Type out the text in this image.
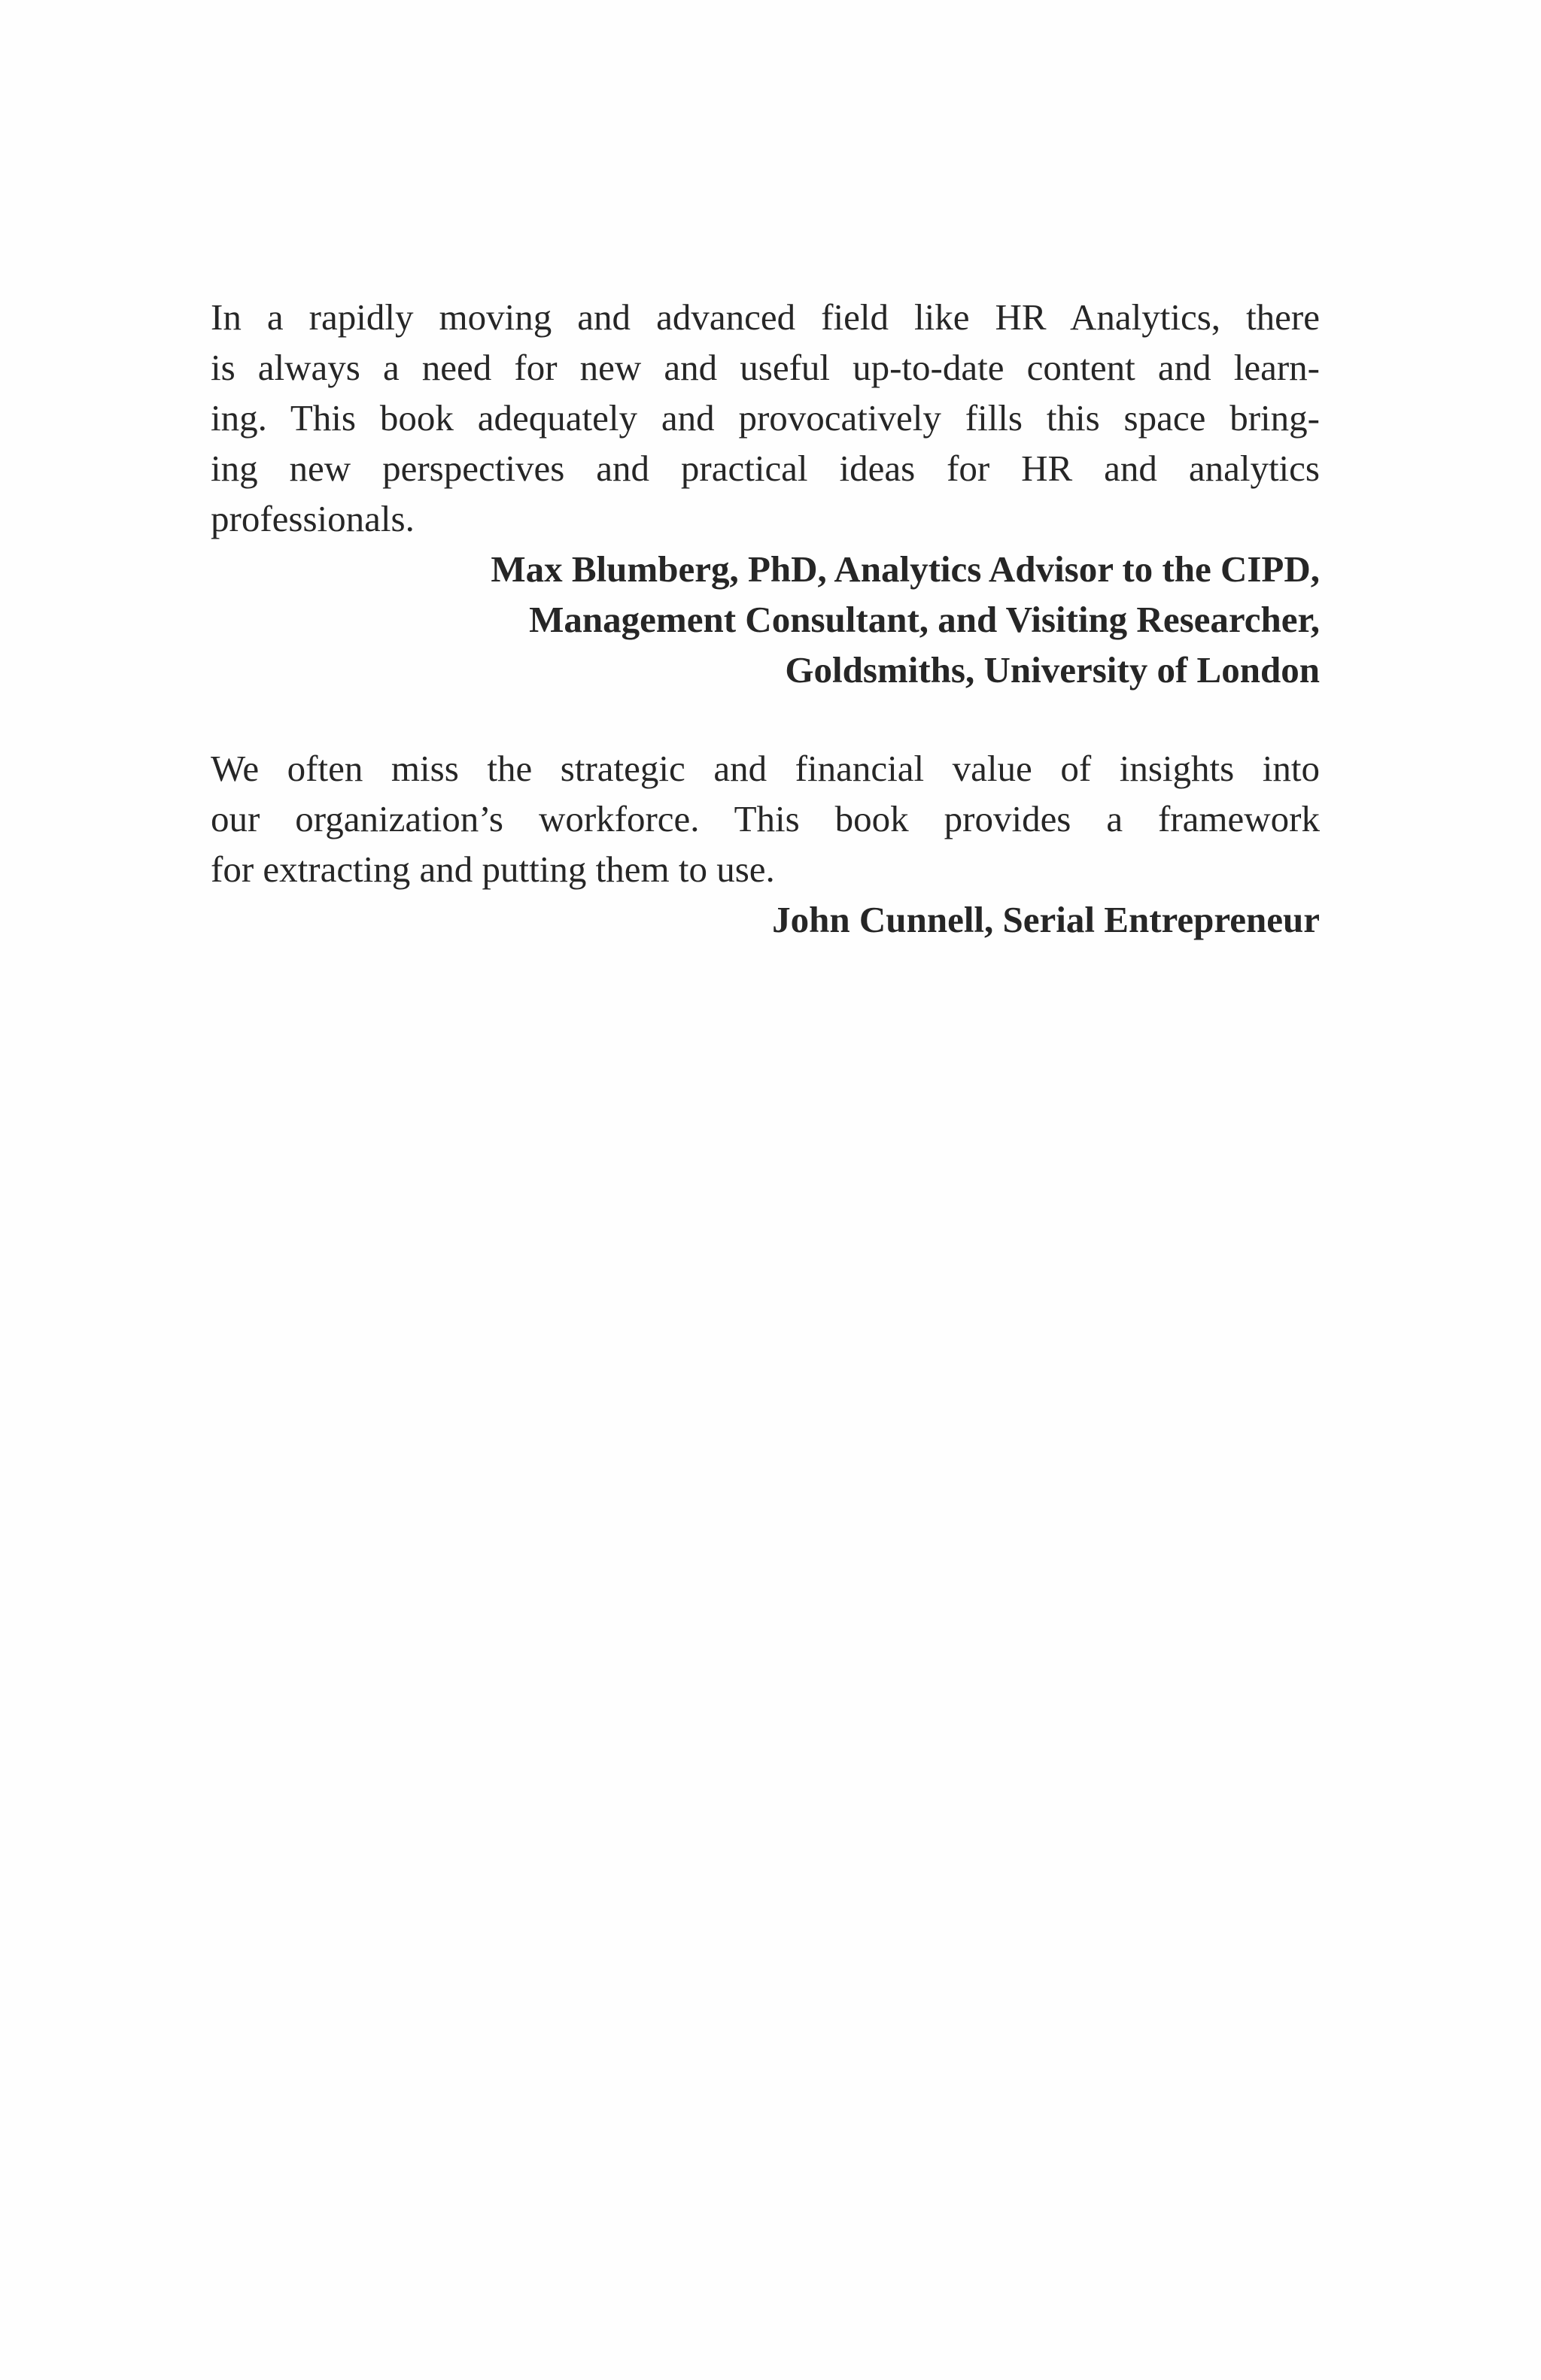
In a rapidly moving and advanced field like HR Analytics, there
is always a need for new and useful up-to-date content and learn-
ing. This book adequately and provocatively fills this space bring-
ing new perspectives and practical ideas for HR and analytics
professionals.

Max Blumberg, PhD, Analytics Advisor to the CIPD,
Management Consultant, and Visiting Researcher,
Goldsmiths, University of London

We often miss the strategic and financial value of insights into
our organization’s workforce. This book provides a framework
for extracting and putting them to use.

John Cunnell, Serial Entrepreneur
